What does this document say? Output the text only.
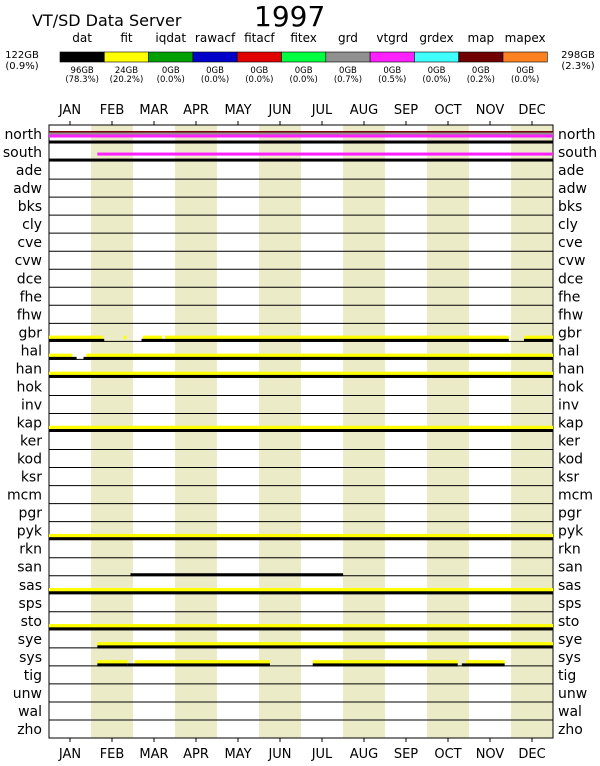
VT/SD Data Server	1997
122GB
(0.9%)
298GB
(2.3%)
dat
96GB
(78.3%)
fit
24GB
(20.2%)
iqdat
0GB
(0.0%)
rawacf
0GB
(0.0%)
fitacf
0GB
(0.0%)
fitex
0GB
(0.0%)
grd
0GB
(0.7%)
vtgrd
0GB
(0.5%)
grdex
0GB
(0.0%)
map
0GB
(0.2%)
mapex
0GB
(0.0%)
JAN
JAN
FEB
FEB
MAR
MAR
APR
APR
MAY
MAY
JUN
JUN
JUL
JUL
AUG
AUG
SEP
SEP
OCT
OCT
NOV
NOV
DEC
DEC
north	north
south	south
ade	ade
adw	adw
bks	bks
cly	cly
cve	cve
cvw	cvw
dce	dce
fhe	fhe
fhw	fhw
gbr	gbr
hal	hal
han	han
hok	hok
inv	inv
kap	kap
ker	ker
kod	kod
ksr	ksr
mcm	mcm
pgr	pgr
pyk	pyk
rkn	rkn
san	san
sas	sas
sps	sps
sto	sto
sye	sye
sys	sys
tig	tig
unw	unw
wal	wal
zho	zho
